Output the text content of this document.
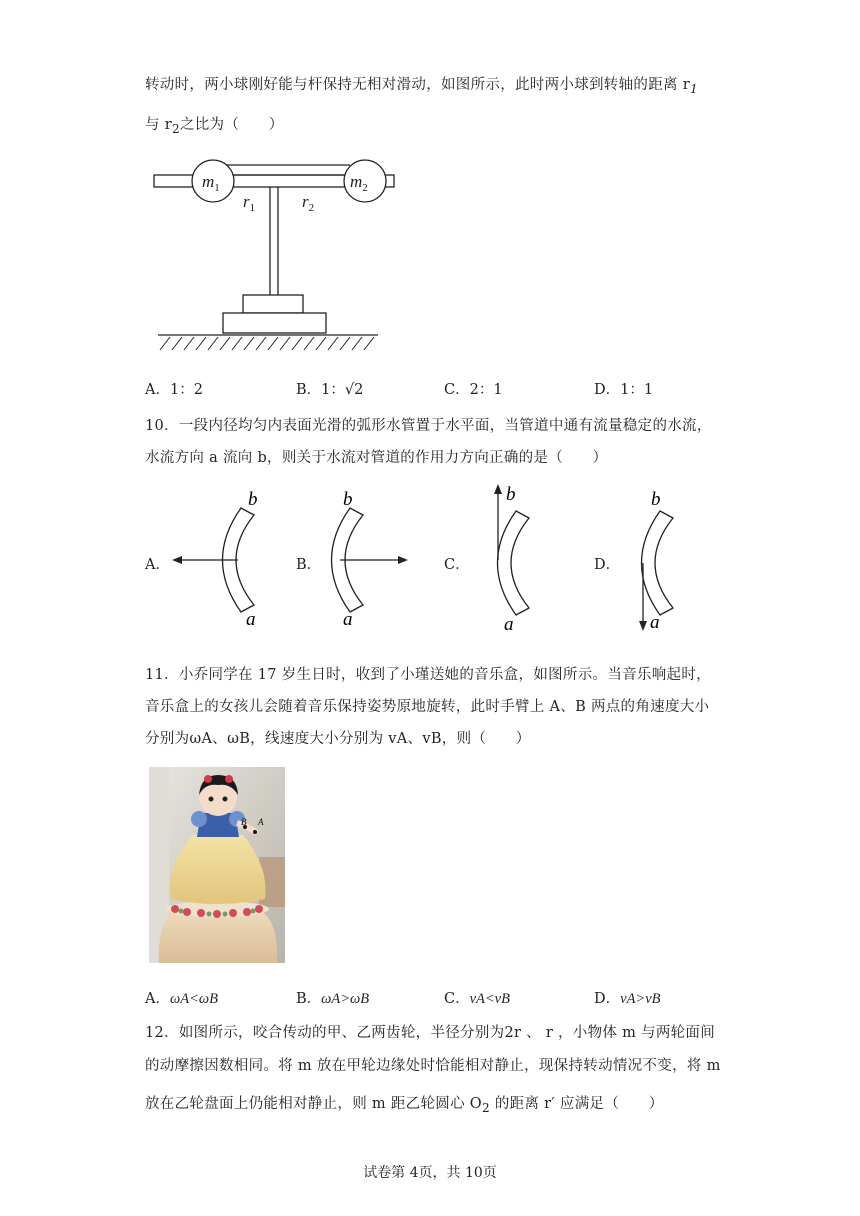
转动时，两小球刚好能与杆保持无相对滑动，如图所示，此时两小球到转轴的距离 $r_1$
与 $r_2$之比为（　　）
$m_1$	$m_2$
$r_1$	$r_2$
A．1：2	B．1：√2	C．2：1	D．1：1
10．一段内径均匀内表面光滑的弧形水管置于水平面，当管道中通有流量稳定的水流，
水流方向 a 流向 b，则关于水流对管道的作用力方向正确的是（　　）
A．	B．	C．	D．
b
a
b
a
b
a
b
a
11．小乔同学在 17 岁生日时，收到了小瑾送她的音乐盒，如图所示。当音乐响起时，
音乐盒上的女孩儿会随着音乐保持姿势原地旋转，此时手臂上 A、B 两点的角速度大小
分别为ωA、ωB，线速度大小分别为 vA、vB，则（　　）
B A
A．ωA<ωB	B．ωA>ωB	C．vA<vB	D．vA>vB
12．如图所示，咬合传动的甲、乙两齿轮，半径分别为2r 、 r ，小物体 m 与两轮面间
的动摩擦因数相同。将 m 放在甲轮边缘处时恰能相对静止，现保持转动情况不变，将 m
放在乙轮盘面上仍能相对静止，则 m 距乙轮圆心 $O_2$ 的距离 r′ 应满足（　　）
试卷第 4页，共 10页
